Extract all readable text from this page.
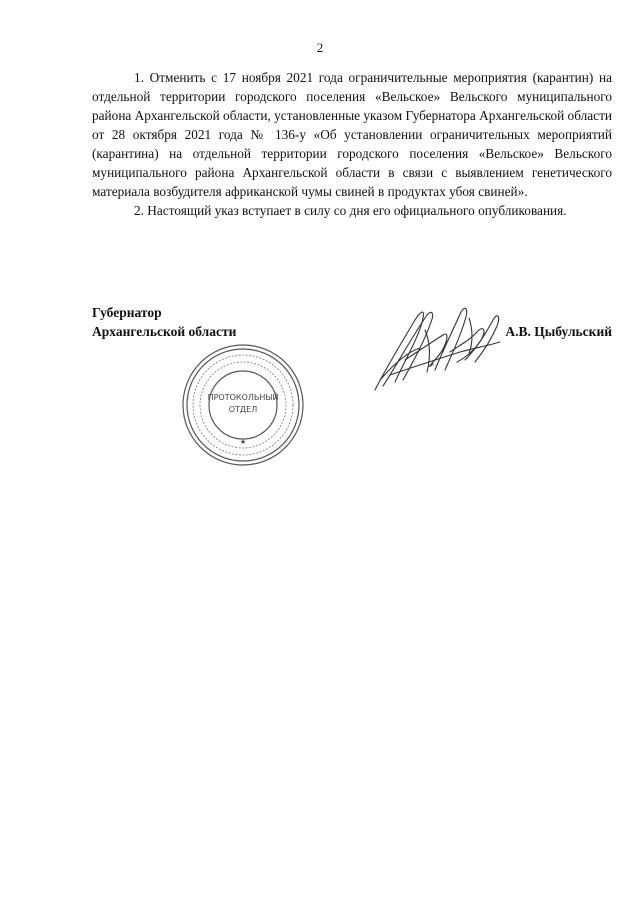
2

1. Отменить с 17 ноября 2021 года ограничительные мероприятия (карантин) на отдельной территории городского поселения «Вельское» Вельского муниципального района Архангельской области, установленные указом Губернатора Архангельской области от 28 октября 2021 года № 136-у «Об установлении ограничительных мероприятий (карантина) на отдельной территории городского поселения «Вельское» Вельского муниципального района Архангельской области в связи с выявлением генетического материала возбудителя африканской чумы свиней в продуктах убоя свиней».

2. Настоящий указ вступает в силу со дня его официального опубликования.

Губернатор
Архангельской области	А.В. Цыбульский
ПРОТОКОЛЬНЫЙ
ОТДЕЛ
★
